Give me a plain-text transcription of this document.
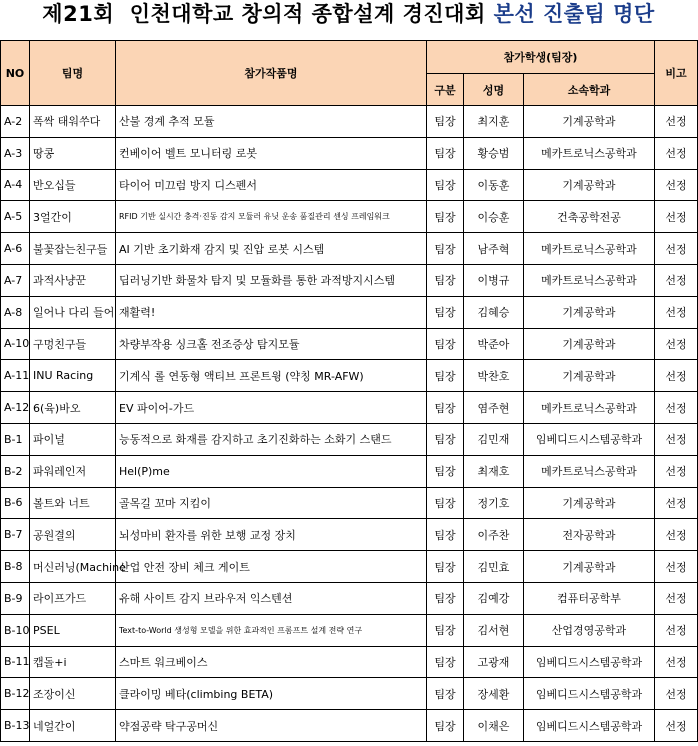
제21회  인천대학교 창의적 종합설계 경진대회 본선 진출팀 명단
NO	팀명	참가작품명	참가학생(팀장)			비고
			구분	성명	소속학과	
A-2	폭싹 태워쑤다	산불 경계 추적 모듈	팀장	최지훈	기계공학과	선정
A-3	땅콩	컨베이어 벨트 모니터링 로봇	팀장	황승범	메카트로닉스공학과	선정
A-4	반오십들	타이어 미끄럼 방지 디스펜서	팀장	이동훈	기계공학과	선정
A-5	3얼간이	RFID 기반 실시간 충격·진동 감지 모듈러 유닛 운송 품질관리 센싱 프레임워크	팀장	이승훈	건축공학전공	선정
A-6	불꽃잡는친구들	AI 기반 초기화재 감지 및 진압 로봇 시스템	팀장	남주혁	메카트로닉스공학과	선정
A-7	과적사냥꾼	딥러닝기반 화물차 탐지 및 모듈화를 통한 과적방지시스템	팀장	이병규	메카트로닉스공학과	선정
A-8	일어나 다리 들어	재활력!	팀장	김혜승	기계공학과	선정
A-10	구멍친구들	차량부작용 싱크홀 전조증상 탐지모듈	팀장	박준아	기계공학과	선정
A-11	INU Racing	기계식 롤 연동형 액티브 프론트윙 (약칭 MR-AFW)	팀장	박찬호	기계공학과	선정
A-12	6(육)바오	EV 파이어-가드	팀장	염주현	메카트로닉스공학과	선정
B-1	파이널	능동적으로 화재를 감지하고 초기진화하는 소화기 스탠드	팀장	김민재	임베디드시스템공학과	선정
B-2	파워레인저	Hel(P)me	팀장	최재호	메카트로닉스공학과	선정
B-6	볼트와 너트	골목길 꼬마 지킴이	팀장	정기호	기계공학과	선정
B-7	공원결의	뇌성마비 환자를 위한 보행 교정 장치	팀장	이주찬	전자공학과	선정
B-8	머신러닝(Machine	산업 안전 장비 체크 게이트	팀장	김민효	기계공학과	선정
B-9	라이프가드	유해 사이트 감지 브라우저 익스텐션	팀장	김예강	컴퓨터공학부	선정
B-10	PSEL	Text-to-World 생성형 모델을 위한 효과적인 프롬프트 설계 전략 연구	팀장	김서현	산업경영공학과	선정
B-11	캡돌+i	스마트 워크베이스	팀장	고광재	임베디드시스템공학과	선정
B-12	조장이신	클라이밍 베타(climbing BETA)	팀장	장세환	임베디드시스템공학과	선정
B-13	네얼간이	약점공략 탁구공머신	팀장	이채은	임베디드시스템공학과	선정
